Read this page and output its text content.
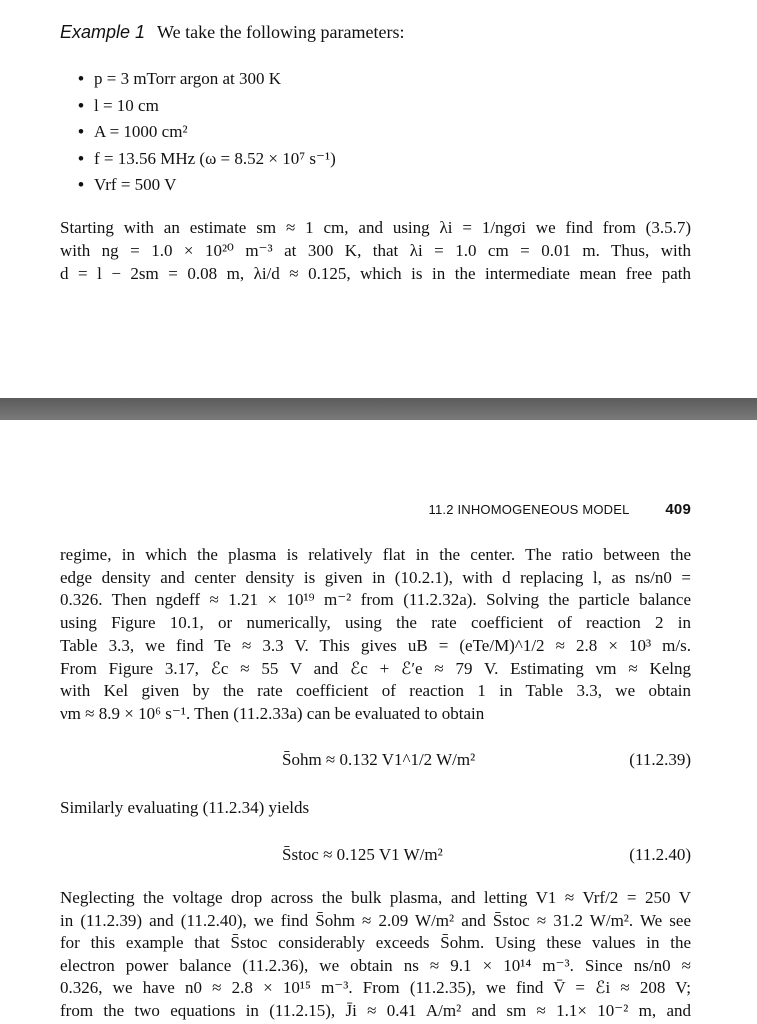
Example 1 We take the following parameters:
• p = 3 mTorr argon at 300 K
• l = 10 cm
• A = 1000 cm²
• f = 13.56 MHz (ω = 8.52 × 10⁷ s⁻¹)
• Vrf = 500 V

Starting with an estimate sm ≈ 1 cm, and using λi = 1/ngσi we find from (3.5.7)
with ng = 1.0 × 10²⁰ m⁻³ at 300 K, that λi = 1.0 cm = 0.01 m. Thus, with
d = l − 2sm = 0.08 m, λi/d ≈ 0.125, which is in the intermediate mean free path

11.2 INHOMOGENEOUS MODEL 409

regime, in which the plasma is relatively flat in the center. The ratio between the
edge density and center density is given in (10.2.1), with d replacing l, as ns/n0 =
0.326. Then ngdeff ≈ 1.21 × 10¹⁹ m⁻² from (11.2.32a). Solving the particle balance
using Figure 10.1, or numerically, using the rate coefficient of reaction 2 in
Table 3.3, we find Te ≈ 3.3 V. This gives uB = (eTe/M)^1/2 ≈ 2.8 × 10³ m/s.
From Figure 3.17, ℰc ≈ 55 V and ℰc + ℰ′e ≈ 79 V. Estimating νm ≈ Kelng
with Kel given by the rate coefficient of reaction 1 in Table 3.3, we obtain
νm ≈ 8.9 × 10⁶ s⁻¹. Then (11.2.33a) can be evaluated to obtain

S̄ohm ≈ 0.132 V1^1/2 W/m²	(11.2.39)

Similarly evaluating (11.2.34) yields

S̄stoc ≈ 0.125 V1 W/m²	(11.2.40)

Neglecting the voltage drop across the bulk plasma, and letting V1 ≈ Vrf/2 = 250 V
in (11.2.39) and (11.2.40), we find S̄ohm ≈ 2.09 W/m² and S̄stoc ≈ 31.2 W/m². We see
for this example that S̄stoc considerably exceeds S̄ohm. Using these values in the
electron power balance (11.2.36), we obtain ns ≈ 9.1 × 10¹⁴ m⁻³. Since ns/n0 ≈
0.326, we have n0 ≈ 2.8 × 10¹⁵ m⁻³. From (11.2.35), we find V̄ = ℰi ≈ 208 V;
from the two equations in (11.2.15), J̄i ≈ 0.41 A/m² and sm ≈ 1.1× 10⁻² m, and
